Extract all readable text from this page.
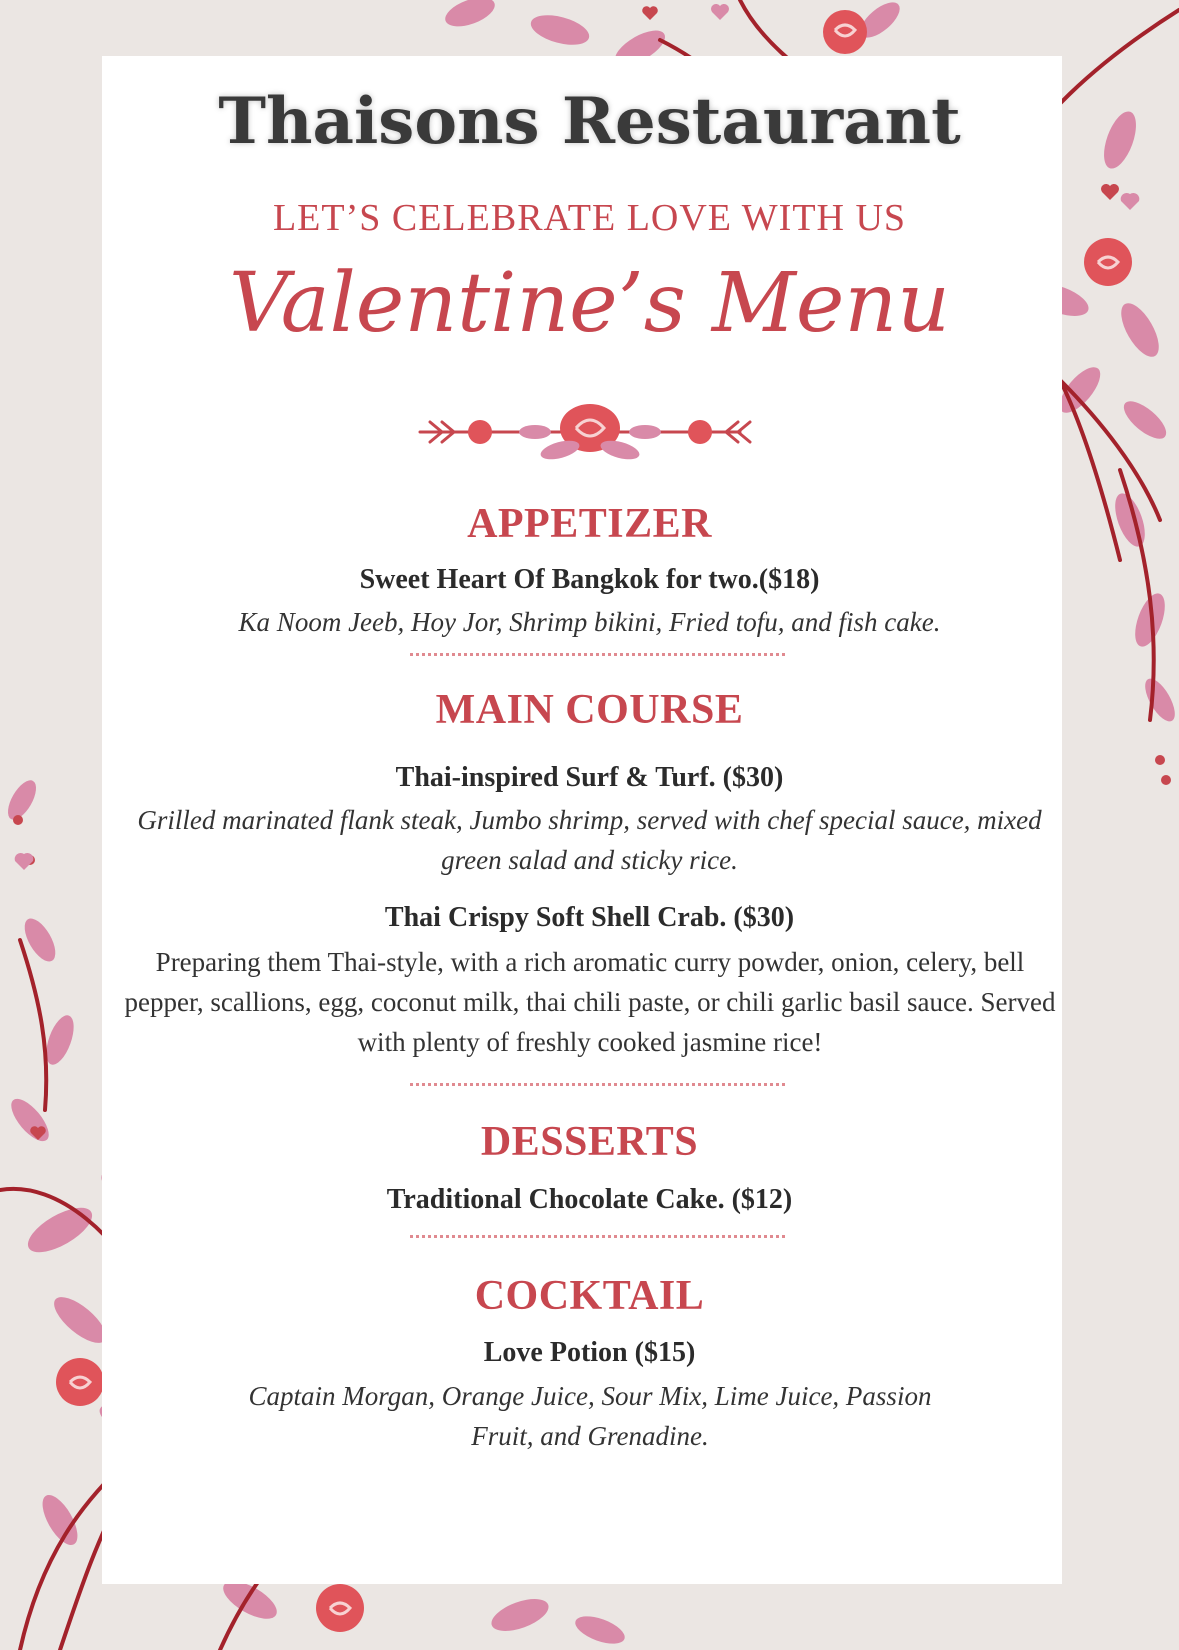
Thaisons Restaurant
LET’S CELEBRATE LOVE WITH US
Valentine’s Menu
APPETIZER
Sweet Heart Of Bangkok for two.($18)
Ka Noom Jeeb, Hoy Jor, Shrimp bikini, Fried tofu, and fish cake.
MAIN COURSE
Thai-inspired Surf & Turf. ($30)
Grilled marinated flank steak, Jumbo shrimp, served with chef special sauce, mixed green salad and sticky rice.
Thai Crispy Soft Shell Crab. ($30)
Preparing them Thai-style, with a rich aromatic curry powder, onion, celery, bell pepper, scallions, egg, coconut milk, thai chili paste, or chili garlic basil sauce. Served with plenty of freshly cooked jasmine rice!
DESSERTS
Traditional Chocolate Cake. ($12)
COCKTAIL
Love Potion ($15)
Captain Morgan, Orange Juice, Sour Mix, Lime Juice, Passion Fruit, and Grenadine.
